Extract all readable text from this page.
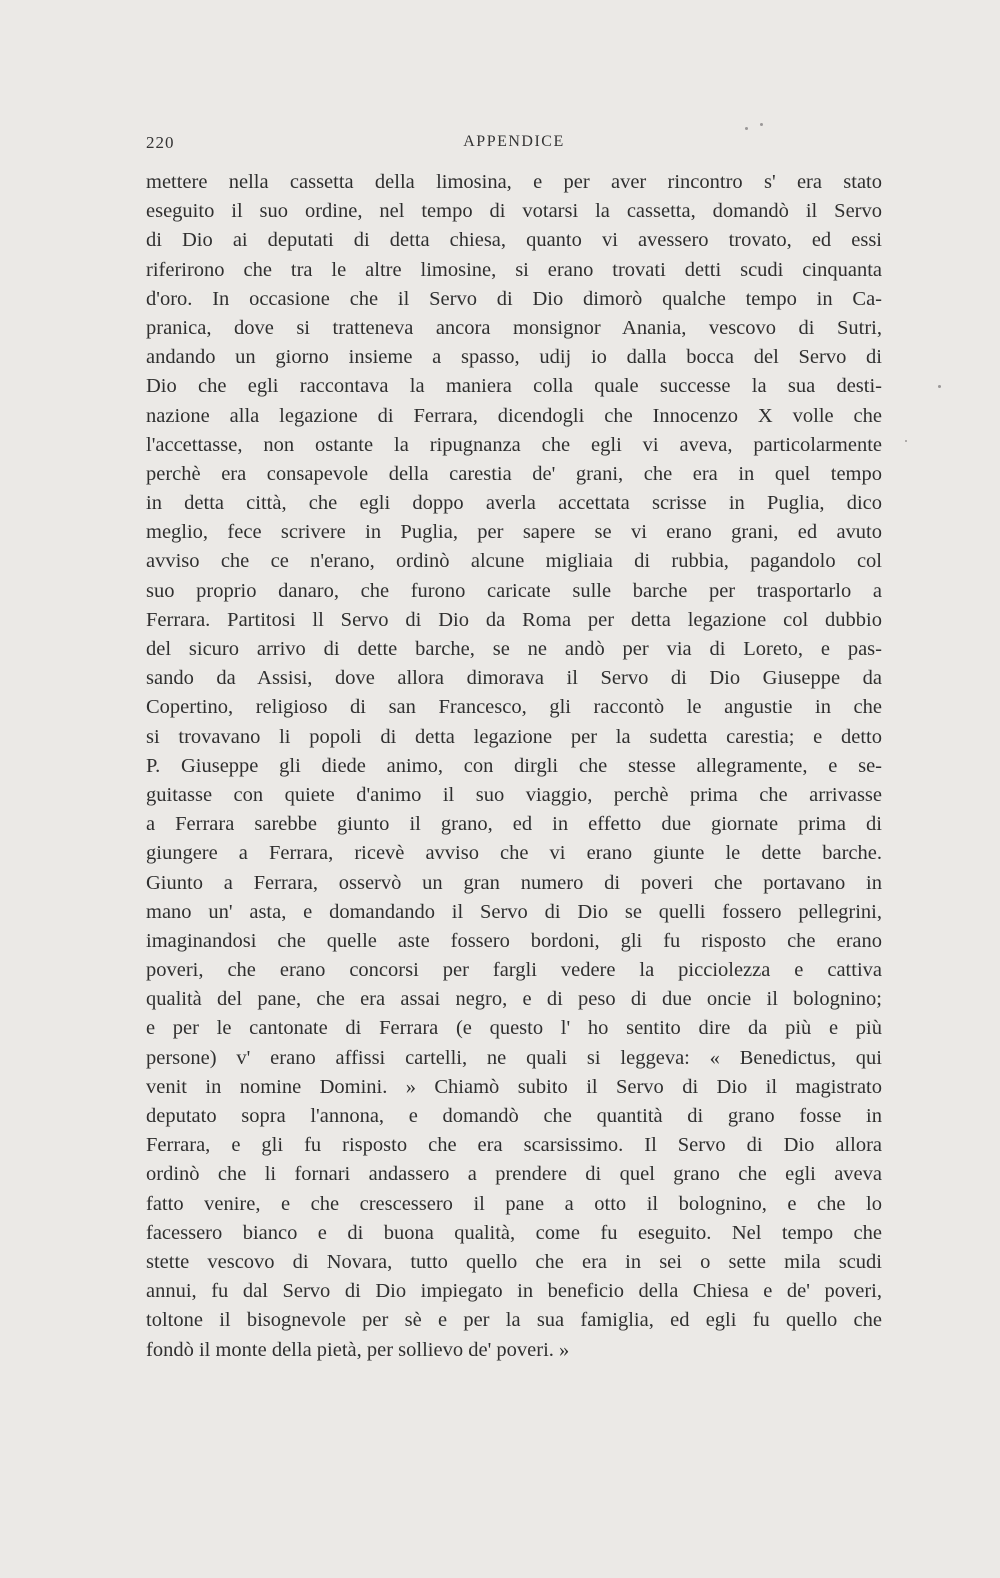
220	APPENDICE
mettere nella cassetta della limosina, e per aver rincontro s' era stato
eseguito il suo ordine, nel tempo di votarsi la cassetta, domandò il Servo
di Dio ai deputati di detta chiesa, quanto vi avessero trovato, ed essi
riferirono che tra le altre limosine, si erano trovati detti scudi cinquanta
d'oro. In occasione che il Servo di Dio dimorò qualche tempo in Ca-
pranica, dove si tratteneva ancora monsignor Anania, vescovo di Sutri,
andando un giorno insieme a spasso, udij io dalla bocca del Servo di
Dio che egli raccontava la maniera colla quale successe la sua desti-
nazione alla legazione di Ferrara, dicendogli che Innocenzo X volle che
l'accettasse, non ostante la ripugnanza che egli vi aveva, particolarmente
perchè era consapevole della carestia de' grani, che era in quel tempo
in detta città, che egli doppo averla accettata scrisse in Puglia, dico
meglio, fece scrivere in Puglia, per sapere se vi erano grani, ed avuto
avviso che ce n'erano, ordinò alcune migliaia di rubbia, pagandolo col
suo proprio danaro, che furono caricate sulle barche per trasportarlo a
Ferrara. Partitosi ll Servo di Dio da Roma per detta legazione col dubbio
del sicuro arrivo di dette barche, se ne andò per via di Loreto, e pas-
sando da Assisi, dove allora dimorava il Servo di Dio Giuseppe da
Copertino, religioso di san Francesco, gli raccontò le angustie in che
si trovavano li popoli di detta legazione per la sudetta carestia; e detto
P. Giuseppe gli diede animo, con dirgli che stesse allegramente, e se-
guitasse con quiete d'animo il suo viaggio, perchè prima che arrivasse
a Ferrara sarebbe giunto il grano, ed in effetto due giornate prima di
giungere a Ferrara, ricevè avviso che vi erano giunte le dette barche.
Giunto a Ferrara, osservò un gran numero di poveri che portavano in
mano un' asta, e domandando il Servo di Dio se quelli fossero pellegrini,
imaginandosi che quelle aste fossero bordoni, gli fu risposto che erano
poveri, che erano concorsi per fargli vedere la picciolezza e cattiva
qualità del pane, che era assai negro, e di peso di due oncie il bolognino;
e per le cantonate di Ferrara (e questo l' ho sentito dire da più e più
persone) v' erano affissi cartelli, ne quali si leggeva: « Benedictus, qui
venit in nomine Domini. » Chiamò subito il Servo di Dio il magistrato
deputato sopra l'annona, e domandò che quantità di grano fosse in
Ferrara, e gli fu risposto che era scarsissimo. Il Servo di Dio allora
ordinò che li fornari andassero a prendere di quel grano che egli aveva
fatto venire, e che crescessero il pane a otto il bolognino, e che lo
facessero bianco e di buona qualità, come fu eseguito. Nel tempo che
stette vescovo di Novara, tutto quello che era in sei o sette mila scudi
annui, fu dal Servo di Dio impiegato in beneficio della Chiesa e de' poveri,
toltone il bisognevole per sè e per la sua famiglia, ed egli fu quello che
fondò il monte della pietà, per sollievo de' poveri. »
